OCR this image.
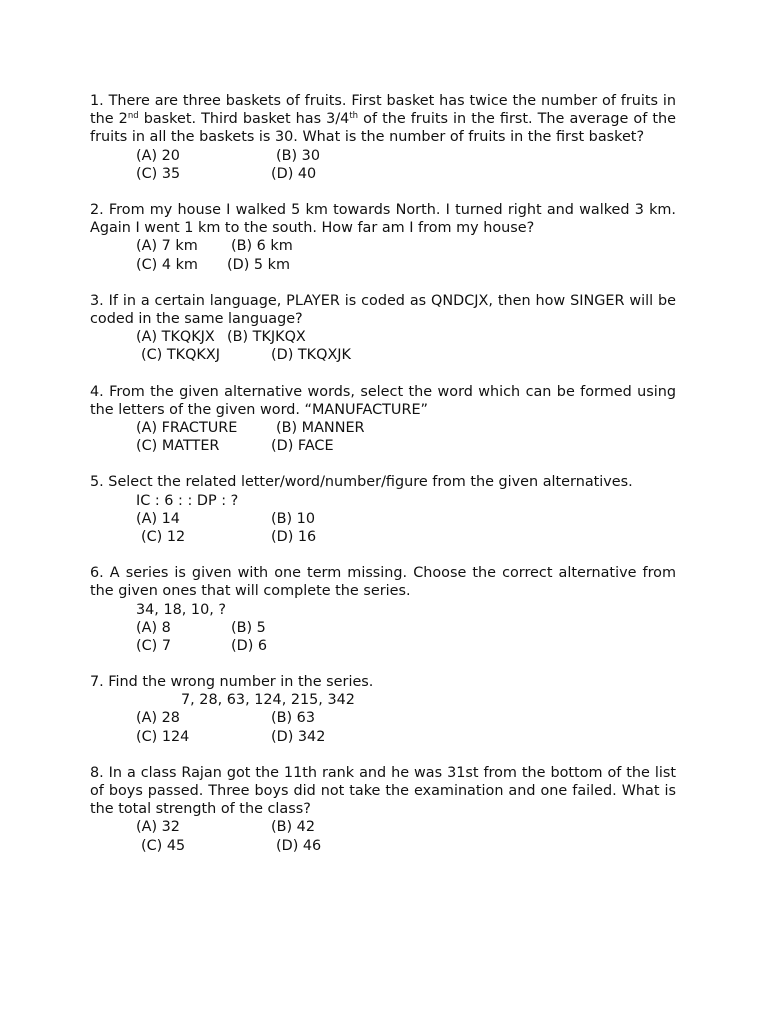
1. There are three baskets of fruits. First basket has twice the number of fruits in the 2nd basket. Third basket has 3/4th of the fruits in the first. The average of the fruits in all the baskets is 30. What is the number of fruits in the first basket?

(A) 20

	(B) 30

(C) 35

	(D) 40

2. From my house I walked 5 km towards North. I turned right and walked 3 km. Again I went 1 km to the south. How far am I from my house?

(A) 7 km

(B) 6 km

(C) 4 km

(D) 5 km

3. If in a certain language, PLAYER is coded as QNDCJX, then how SINGER will be coded in the same language?

(A) TKQKJX

(B) TKJKQX

(C) TKQKXJ

	(D) TKQXJK

4. From the given alternative words, select the word which can be formed using the letters of the given word. “MANUFACTURE”

(A) FRACTURE

	(B) MANNER

(C) MATTER

	(D) FACE

5. Select the related letter/word/number/figure from the given alternatives.

IC : 6 : : DP : ?

(A) 14

	(B) 10

(C) 12

	(D) 16

6. A series is given with one term missing. Choose the correct alternative from the given ones that will complete the series.

34, 18, 10, ?

(A) 8

	(B) 5

(C) 7

	(D) 6

7. Find the wrong number in the series.

7, 28, 63, 124, 215, 342

(A) 28

	(B) 63

(C) 124

	(D) 342

8. In a class Rajan got the 11th rank and he was 31st from the bottom of the list of boys passed. Three boys did not take the examination and one failed. What is the total strength of the class?

(A) 32

	(B) 42

(C) 45

	(D) 46
